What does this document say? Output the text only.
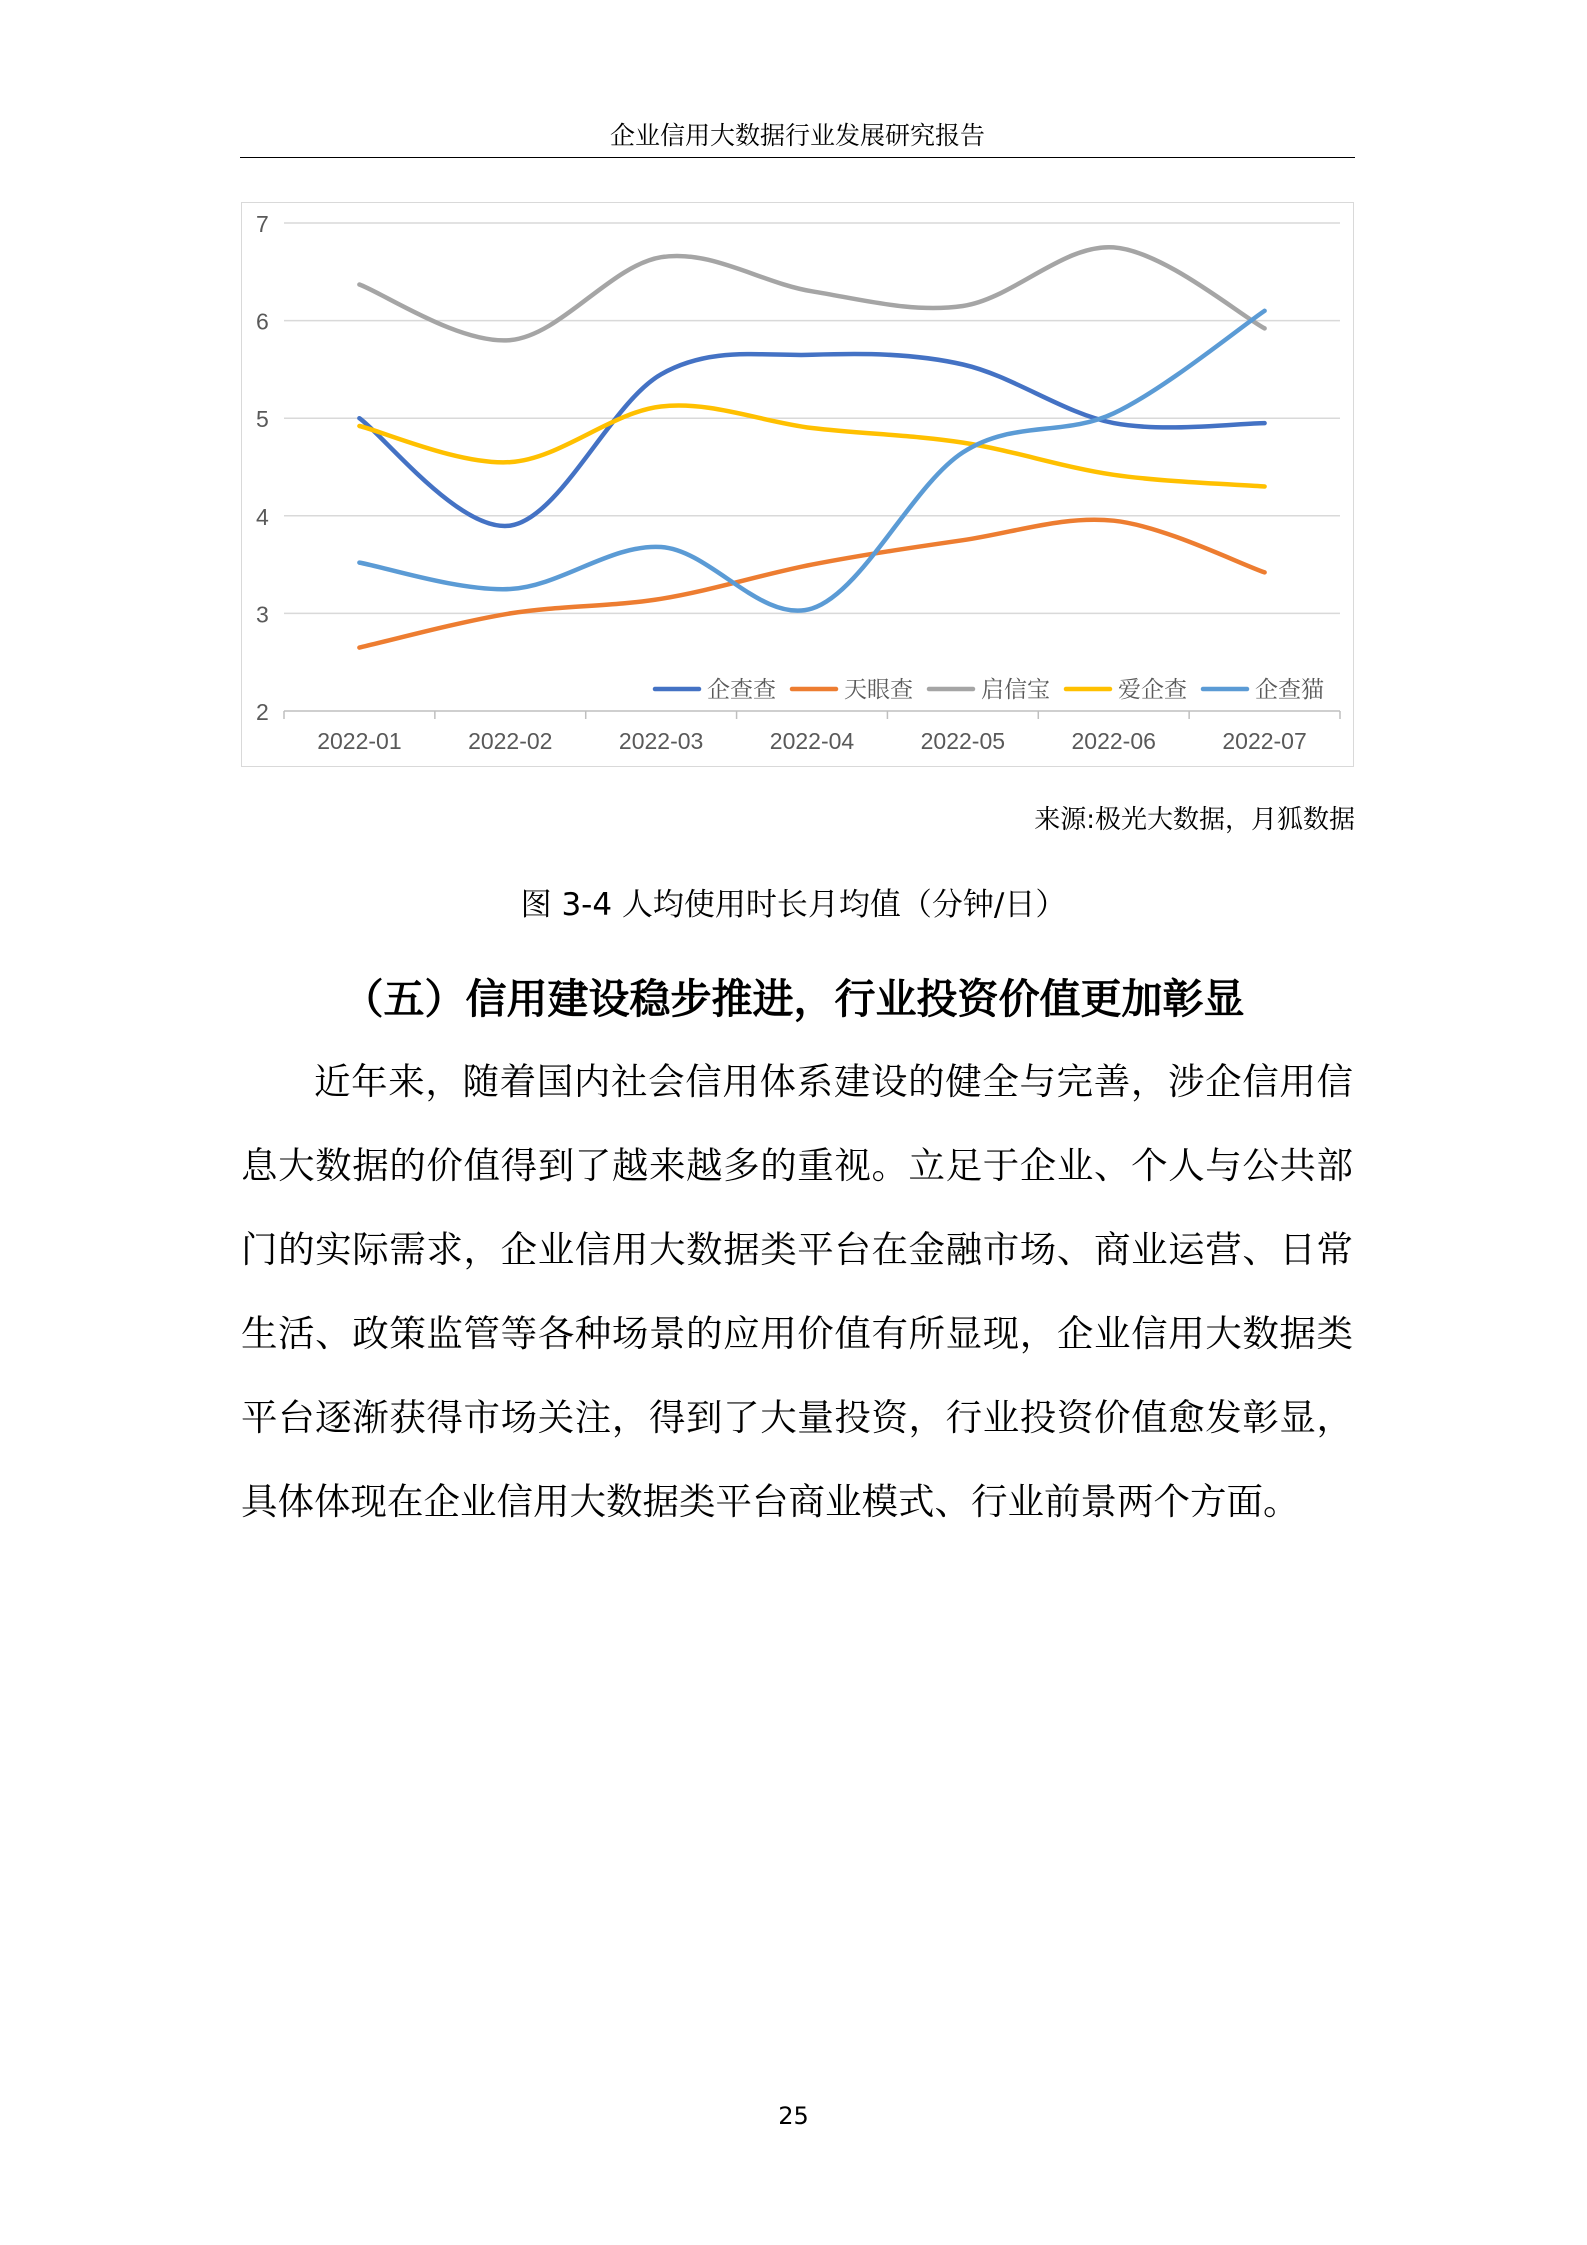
企业信用大数据行业发展研究报告
2
3
4
5
6
7
2022-01	2022-02	2022-03	2022-04	2022-05	2022-06	2022-07
企查查	天眼查	启信宝	爱企查	企查猫
来源:极光大数据，月狐数据
图 3-4 人均使用时长月均值（分钟/日）
（五）信用建设稳步推进，行业投资价值更加彰显

近年来，随着国内社会信用体系建设的健全与完善，涉企信用信息大数据的价值得到了越来越多的重视。立足于企业、个人与公共部门的实际需求，企业信用大数据类平台在金融市场、商业运营、日常生活、政策监管等各种场景的应用价值有所显现，企业信用大数据类平台逐渐获得市场关注，得到了大量投资，行业投资价值愈发彰显，具体体现在企业信用大数据类平台商业模式、行业前景两个方面。

25
